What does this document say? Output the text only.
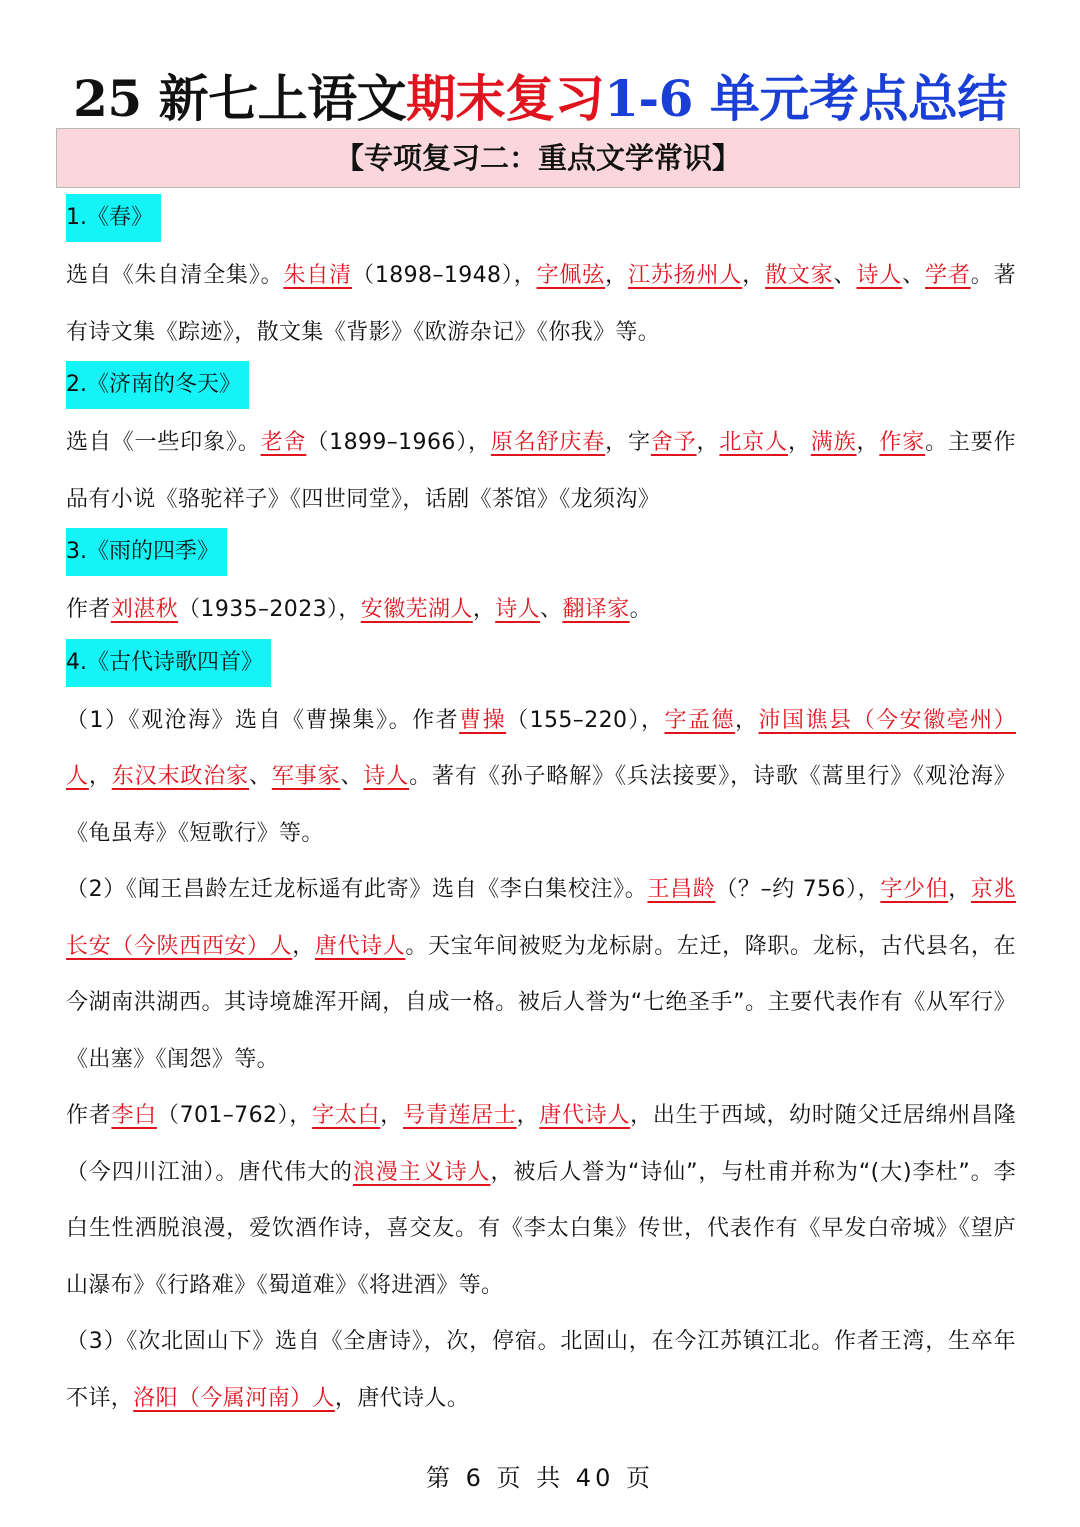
25 新七上语文期末复习1-6 单元考点总结
【专项复习二：重点文学常识】
1.《春》
选自《朱自清全集》。朱自清（1898–1948），字佩弦，江苏扬州人，散文家、诗人、学者。著有诗文集《踪迹》，散文集《背影》《欧游杂记》《你我》等。
2.《济南的冬天》
选自《一些印象》。老舍（1899–1966），原名舒庆春，字舍予，北京人，满族，作家。主要作品有小说《骆驼祥子》《四世同堂》，话剧《茶馆》《龙须沟》
3.《雨的四季》
作者刘湛秋（1935–2023），安徽芜湖人，诗人、翻译家。
4.《古代诗歌四首》
（1）《观沧海》选自《曹操集》。作者曹操（155–220），字孟德，沛国谯县（今安徽亳州）人，东汉末政治家、军事家、诗人。著有《孙子略解》《兵法接要》，诗歌《蒿里行》《观沧海》《龟虽寿》《短歌行》等。
（2）《闻王昌龄左迁龙标遥有此寄》选自《李白集校注》。王昌龄（？–约 756），字少伯，京兆长安（今陕西西安）人，唐代诗人。天宝年间被贬为龙标尉。左迁，降职。龙标，古代县名，在今湖南洪湖西。其诗境雄浑开阔，自成一格。被后人誉为“七绝圣手”。主要代表作有《从军行》《出塞》《闺怨》等。
作者李白（701–762），字太白，号青莲居士，唐代诗人，出生于西域，幼时随父迁居绵州昌隆（今四川江油）。唐代伟大的浪漫主义诗人，被后人誉为“诗仙”，与杜甫并称为“(大)李杜”。李白生性洒脱浪漫，爱饮酒作诗，喜交友。有《李太白集》传世，代表作有《早发白帝城》《望庐山瀑布》《行路难》《蜀道难》《将进酒》等。
（3）《次北固山下》选自《全唐诗》，次，停宿。北固山，在今江苏镇江北。作者王湾，生卒年不详，洛阳（今属河南）人，唐代诗人。
第 6 页 共 40 页
